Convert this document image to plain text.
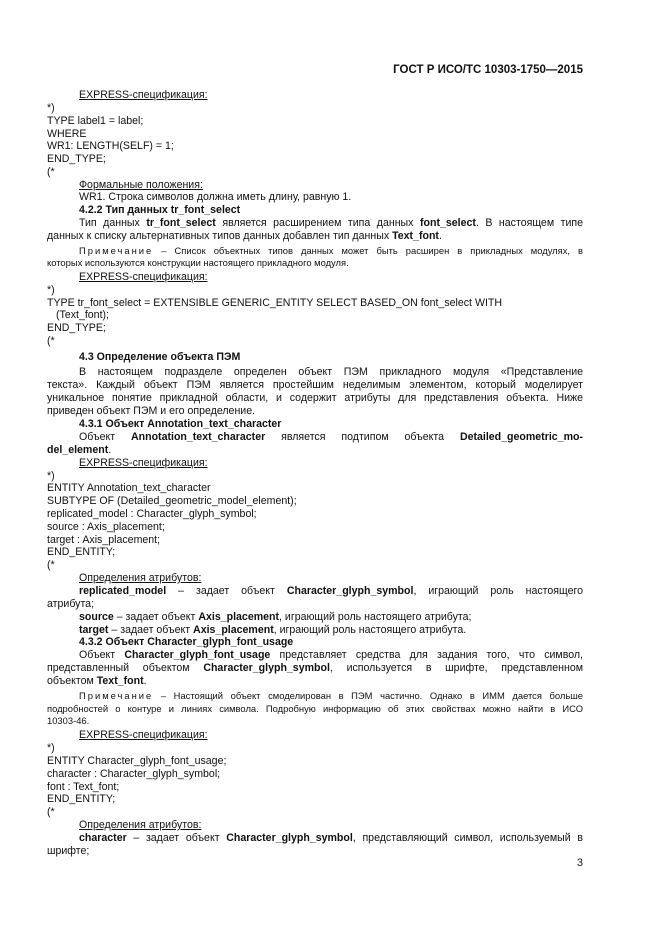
ГОСТ Р ИСО/ТС 10303-1750—2015
EXPRESS-спецификация:
*)
TYPE label1 = label;
WHERE
WR1: LENGTH(SELF) = 1;
END_TYPE;
(*
Формальные положения:
WR1. Строка символов должна иметь длину, равную 1.
4.2.2 Тип данных tr_font_select
Тип данных tr_font_select является расширением типа данных font_select. В настоящем типе
данных к списку альтернативных типов данных добавлен тип данных Text_font.
Примечание – Список объектных типов данных может быть расширен в прикладных модулях, в
которых используются конструкции настоящего прикладного модуля.
EXPRESS-спецификация:
*)
TYPE tr_font_select = EXTENSIBLE GENERIC_ENTITY SELECT BASED_ON font_select WITH
(Text_font);
END_TYPE;
(*
4.3 Определение объекта ПЭМ
В настоящем подразделе определен объект ПЭМ прикладного модуля «Представление
текста». Каждый объект ПЭМ является простейшим неделимым элементом, который моделирует
уникальное понятие прикладной области, и содержит атрибуты для представления объекта. Ниже
приведен объект ПЭМ и его определение.
4.3.1 Объект Annotation_text_character
Объект Annotation_text_character является подтипом объекта Detailed_geometric_mo-
del_element.
EXPRESS-спецификация:
*)
ENTITY Annotation_text_character
SUBTYPE OF (Detailed_geometric_model_element);
replicated_model : Character_glyph_symbol;
source : Axis_placement;
target : Axis_placement;
END_ENTITY;
(*
Определения атрибутов:
replicated_model – задает объект Character_glyph_symbol, играющий роль настоящего
атрибута;
source – задает объект Axis_placement, играющий роль настоящего атрибута;
target – задает объект Axis_placement, играющий роль настоящего атрибута.
4.3.2 Объект Character_glyph_font_usage
Объект Character_glyph_font_usage представляет средства для задания того, что символ,
представленный объектом Character_glyph_symbol, используется в шрифте, представленном
объектом Text_font.
Примечание – Настоящий объект смоделирован в ПЭМ частично. Однако в ИММ дается больше
подробностей о контуре и линиях символа. Подробную информацию об этих свойствах можно найти в ИСО
10303-46.
EXPRESS-спецификация:
*)
ENTITY Character_glyph_font_usage;
character : Character_glyph_symbol;
font : Text_font;
END_ENTITY;
(*
Определения атрибутов:
character – задает объект Character_glyph_symbol, представляющий символ, используемый в
шрифте;
3
